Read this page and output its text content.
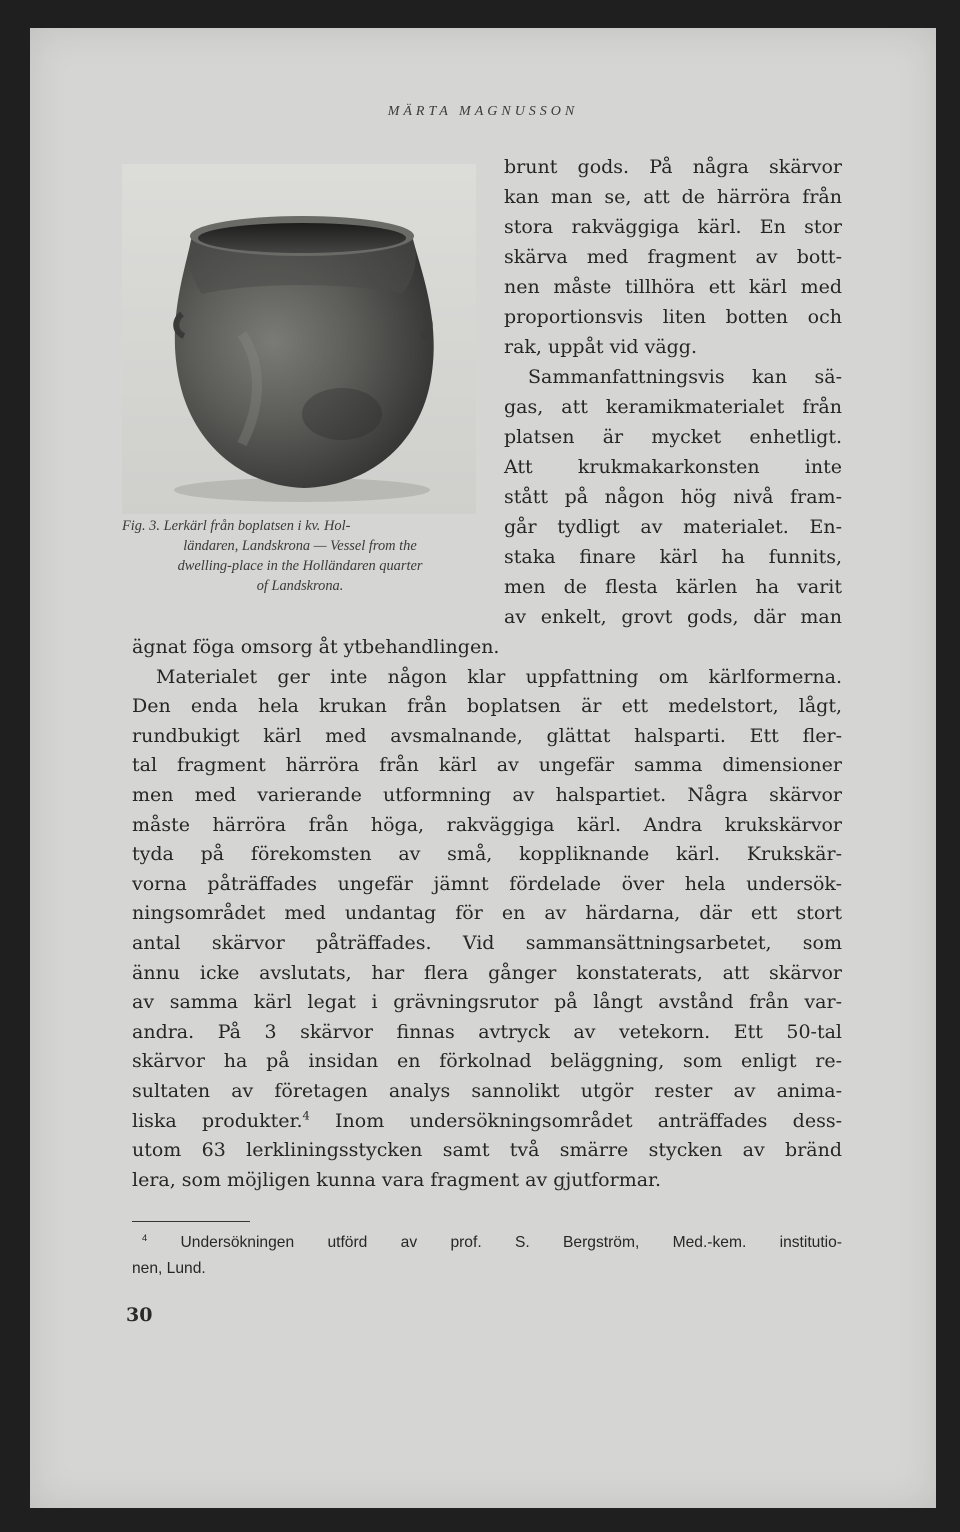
MÄRTA MAGNUSSON
Fig. 3. Lerkärl från boplatsen i kv. Hol-
ländaren, Landskrona — Vessel from the
dwelling-place in the Holländaren quarter
of Landskrona.
brunt gods. På några skärvor
kan man se, att de härröra från
stora rakväggiga kärl. En stor
skärva med fragment av bott-
nen måste tillhöra ett kärl med
proportionsvis liten botten och
rak, uppåt vid vägg.
Sammanfattningsvis kan sä-
gas, att keramikmaterialet från
platsen är mycket enhetligt.
Att krukmakarkonsten inte
stått på någon hög nivå fram-
går tydligt av materialet. En-
staka finare kärl ha funnits,
men de flesta kärlen ha varit
av enkelt, grovt gods, där man
ägnat föga omsorg åt ytbehandlingen.
Materialet ger inte någon klar uppfattning om kärlformerna.
Den enda hela krukan från boplatsen är ett medelstort, lågt,
rundbukigt kärl med avsmalnande, glättat halsparti. Ett fler-
tal fragment härröra från kärl av ungefär samma dimensioner
men med varierande utformning av halspartiet. Några skärvor
måste härröra från höga, rakväggiga kärl. Andra krukskärvor
tyda på förekomsten av små, koppliknande kärl. Krukskär-
vorna påträffades ungefär jämnt fördelade över hela undersök-
ningsområdet med undantag för en av härdarna, där ett stort
antal skärvor påträffades. Vid sammansättningsarbetet, som
ännu icke avslutats, har flera gånger konstaterats, att skärvor
av samma kärl legat i grävningsrutor på långt avstånd från var-
andra. På 3 skärvor finnas avtryck av vetekorn. Ett 50-tal
skärvor ha på insidan en förkolnad beläggning, som enligt re-
sultaten av företagen analys sannolikt utgör rester av anima-
liska produkter.$^4$ Inom undersökningsområdet anträffades dess-
utom 63 lerkliningsstycken samt två smärre stycken av bränd
lera, som möjligen kunna vara fragment av gjutformar.
$^4$ Undersökningen utförd av prof. S. Bergström, Med.-kem. institutio-
nen, Lund.
30
